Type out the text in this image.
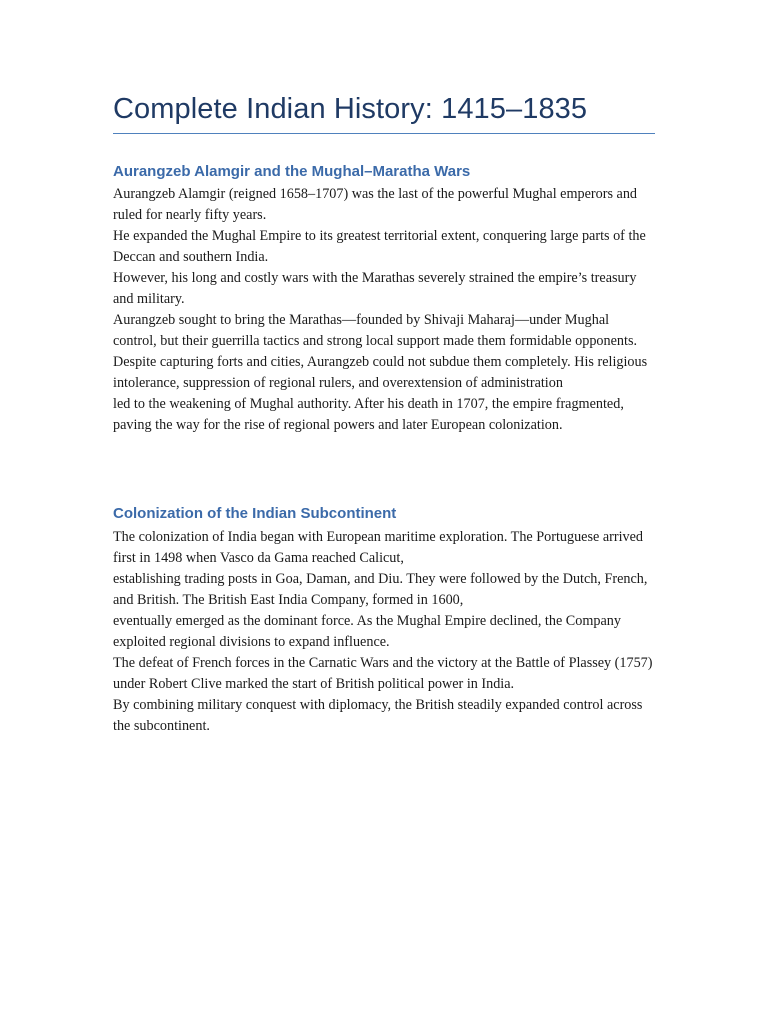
Complete Indian History: 1415–1835
Aurangzeb Alamgir and the Mughal–Maratha Wars

Aurangzeb Alamgir (reigned 1658–1707) was the last of the powerful Mughal emperors and ruled for nearly fifty years.

He expanded the Mughal Empire to its greatest territorial extent, conquering large parts of the Deccan and southern India.

However, his long and costly wars with the Marathas severely strained the empire’s treasury and military.

Aurangzeb sought to bring the Marathas—founded by Shivaji Maharaj—under Mughal control, but their guerrilla tactics and strong local support made them formidable opponents.

Despite capturing forts and cities, Aurangzeb could not subdue them completely. His religious intolerance, suppression of regional rulers, and overextension of administration

led to the weakening of Mughal authority. After his death in 1707, the empire fragmented, paving the way for the rise of regional powers and later European colonization.

Colonization of the Indian Subcontinent

The colonization of India began with European maritime exploration. The Portuguese arrived first in 1498 when Vasco da Gama reached Calicut,

establishing trading posts in Goa, Daman, and Diu. They were followed by the Dutch, French, and British. The British East India Company, formed in 1600,

eventually emerged as the dominant force. As the Mughal Empire declined, the Company exploited regional divisions to expand influence.

The defeat of French forces in the Carnatic Wars and the victory at the Battle of Plassey (1757) under Robert Clive marked the start of British political power in India.

By combining military conquest with diplomacy, the British steadily expanded control across the subcontinent.
